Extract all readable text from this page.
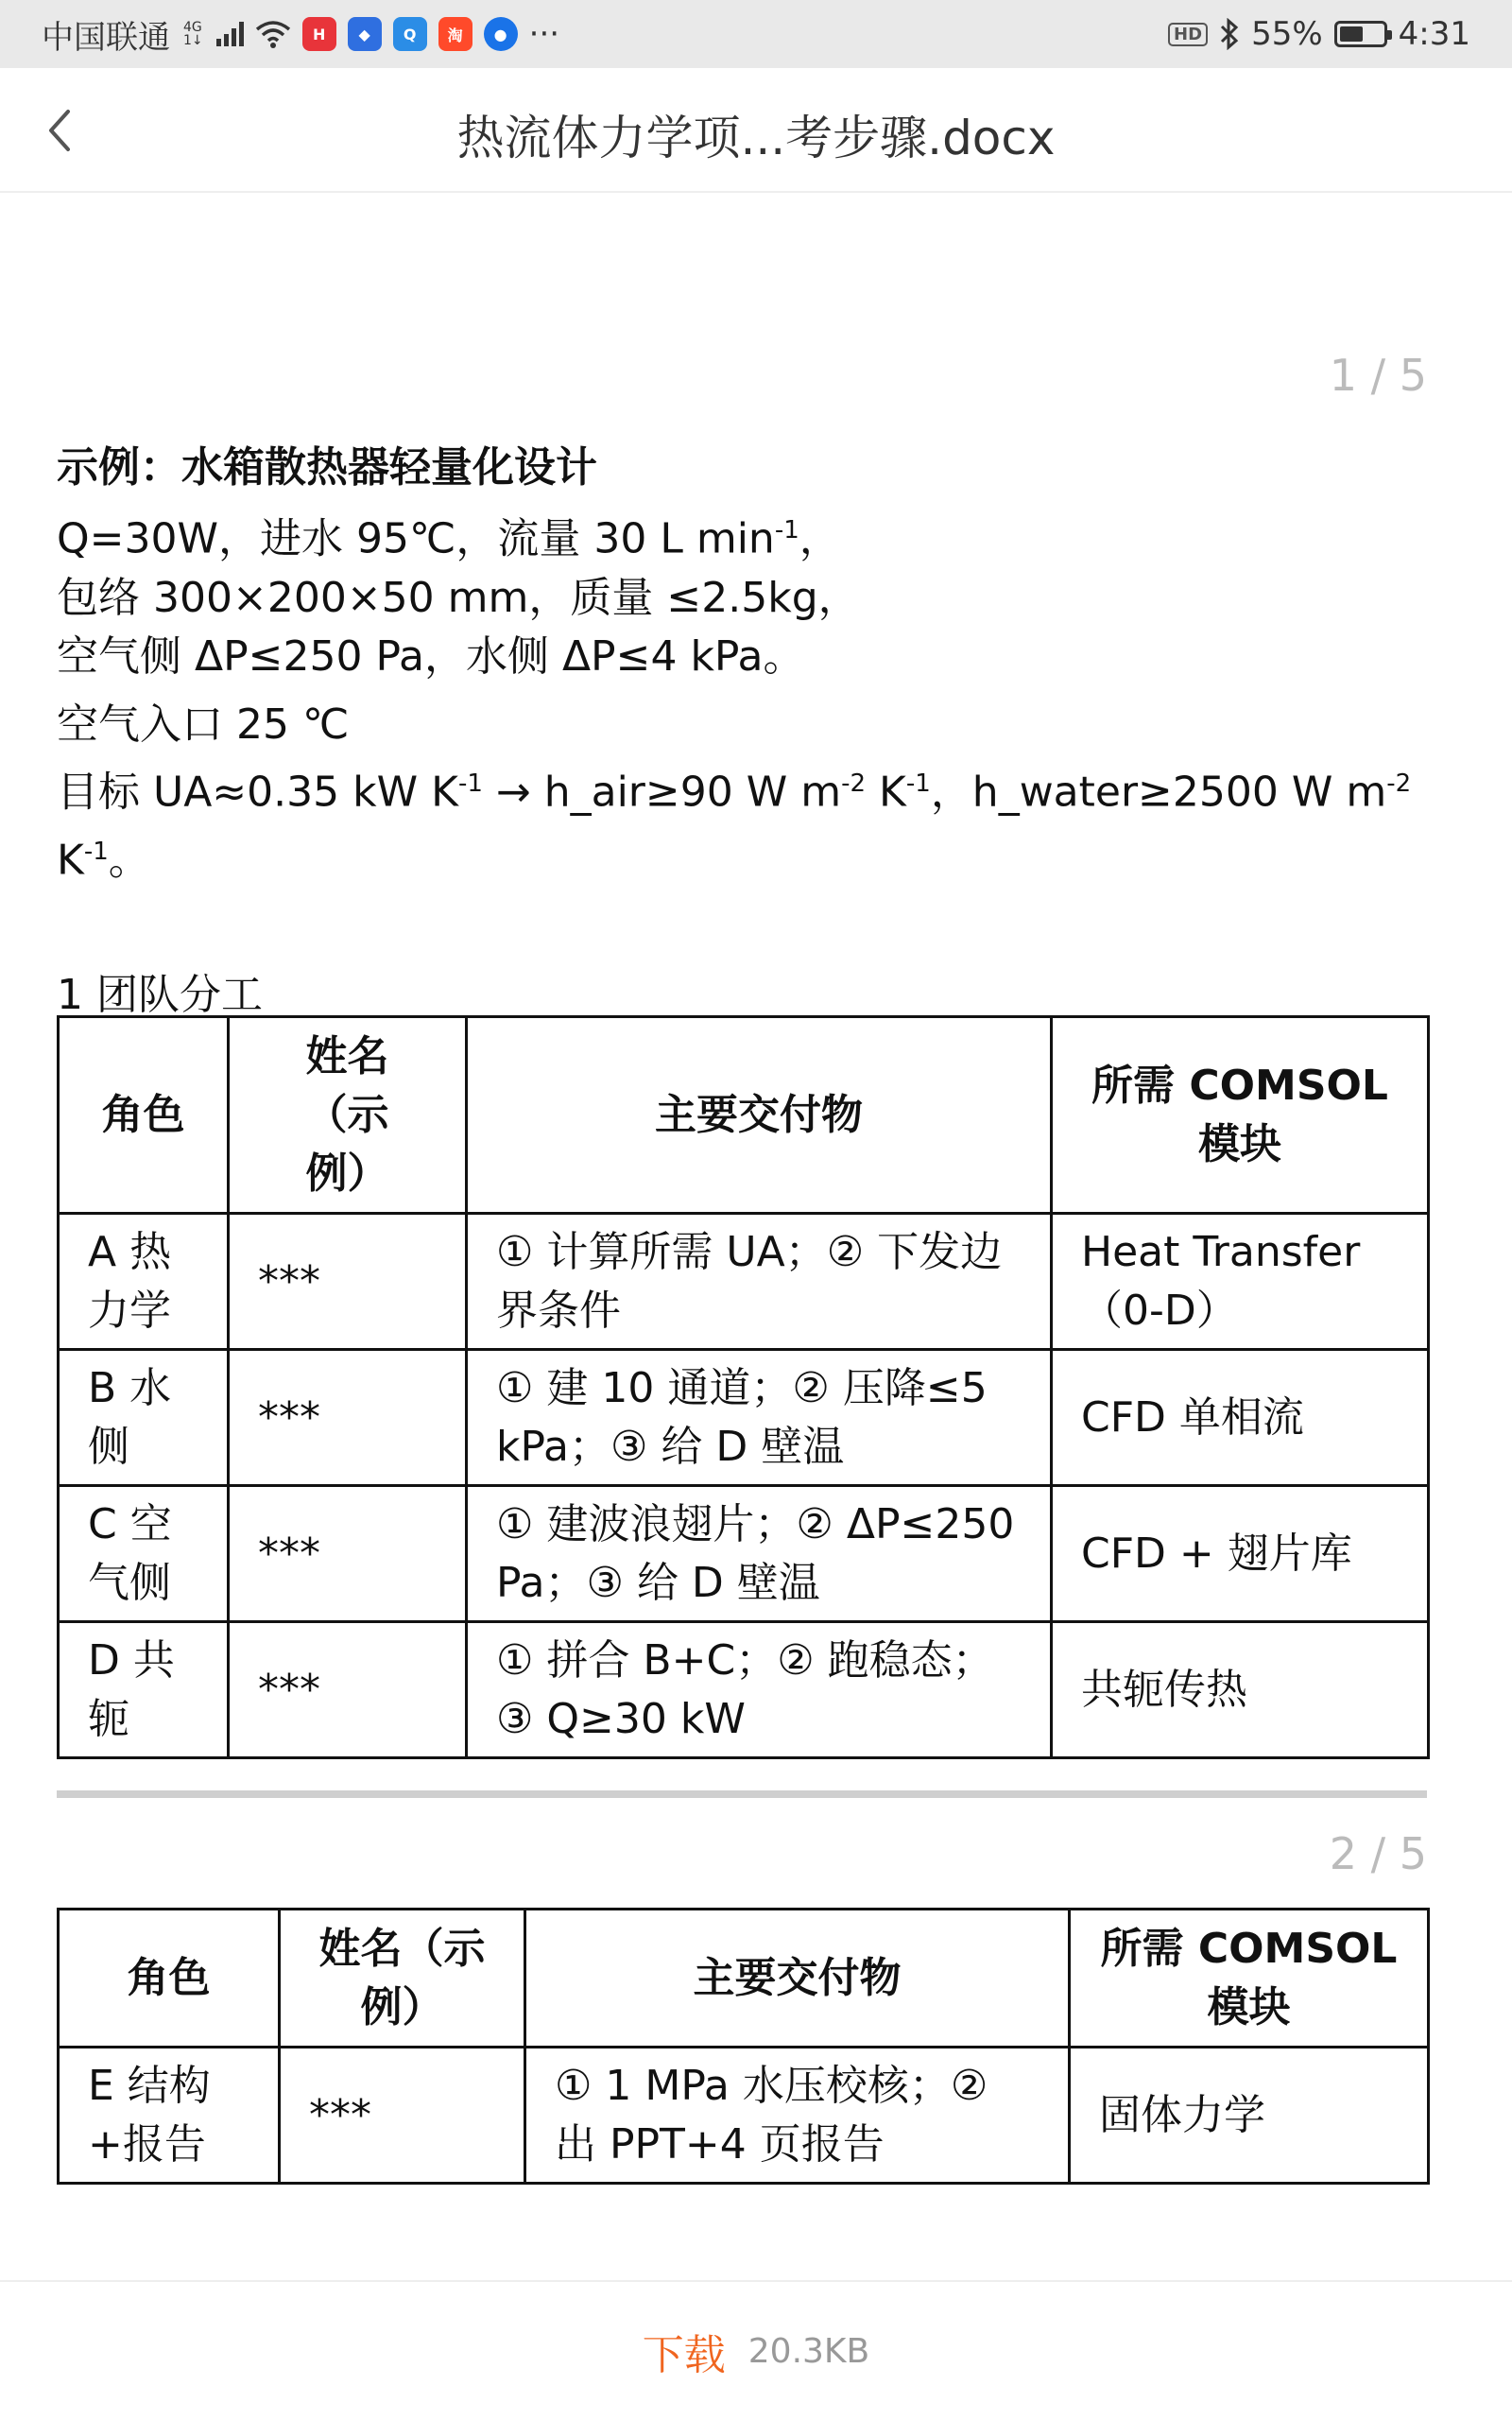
中国联通 4G
1↓	H	◆	Q	淘	● ···	HD 55% 4:31
热流体力学项...考步骤.docx
1 / 5
示例：水箱散热器轻量化设计
Q=30W，进水 95℃，流量 30 L $\min^{-1}$，
包络 300×200×50 mm，质量 ≤2.5kg，
空气侧 ΔP≤250 Pa，水侧 ΔP≤4 kPa。
空气入口 25 ℃
目标 UA≈0.35 kW $K^{-1}$ → h_air≥90 W $m^{-2}$ $K^{-1}$，h_water≥2500 W $m^{-2}$ $K^{-1}$。
1 团队分工
角色	姓名（示例）	主要交付物	所需 COMSOL 模块
A 热力学	***	① 计算所需 UA；② 下发边界条件	Heat Transfer（0-D）
B 水侧	***	① 建 10 通道；② 压降≤5 kPa；③ 给 D 壁温	CFD 单相流
C 空气侧	***	① 建波浪翅片；② ΔP≤250 Pa；③ 给 D 壁温	CFD + 翅片库
D 共轭	***	① 拼合 B+C；② 跑稳态；③ Q≥30 kW	共轭传热
2 / 5
角色	姓名（示例）	主要交付物	所需 COMSOL 模块
E 结构+报告	***	① 1 MPa 水压校核；② 出 PPT+4 页报告	固体力学
下载 20.3KB
